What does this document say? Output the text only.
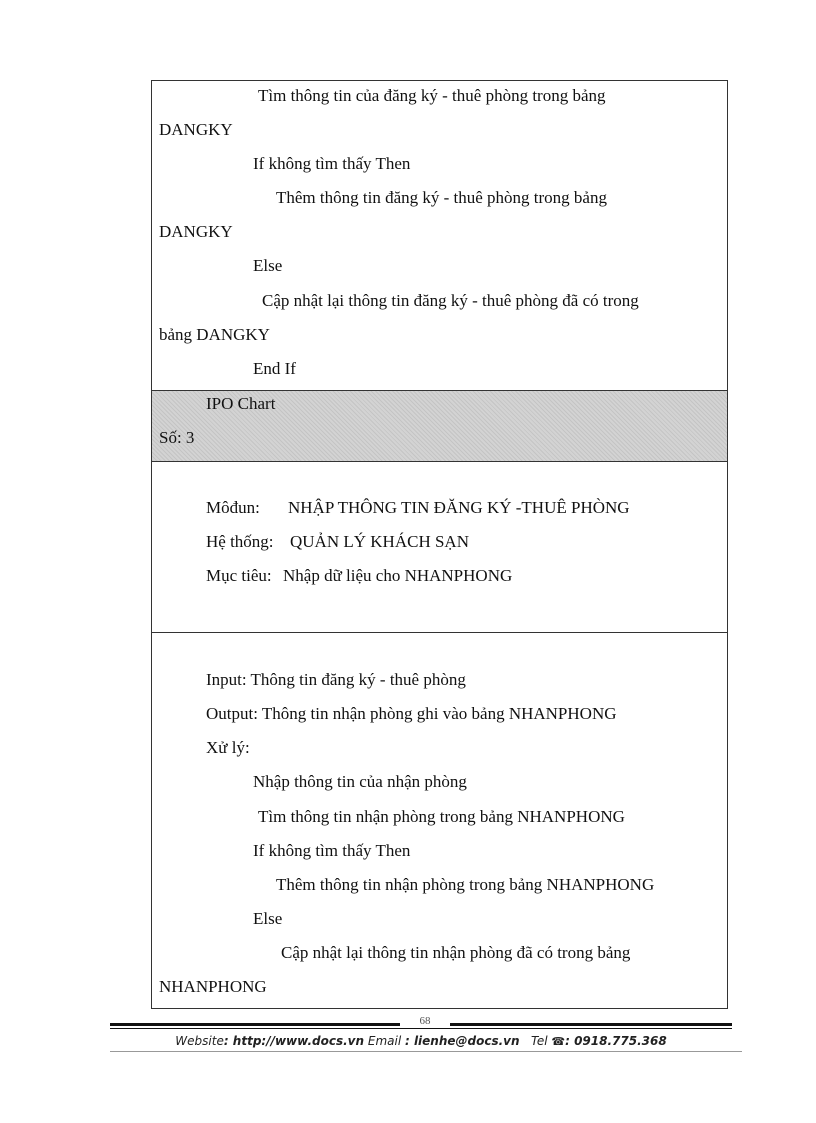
Tìm thông tin của đăng ký - thuê phòng trong bảng
DANGKY
If không tìm thấy Then
Thêm thông tin đăng ký - thuê phòng trong bảng
DANGKY
Else
Cập nhật lại thông tin đăng ký - thuê phòng đã có trong
bảng DANGKY
End If
IPO Chart
Số: 3
Môđun: NHẬP THÔNG TIN ĐĂNG KÝ -THUÊ PHÒNG
Hệ thống: QUẢN LÝ KHÁCH SẠN
Mục tiêu: Nhập dữ liệu cho NHANPHONG
Input: Thông tin đăng ký - thuê phòng
Output: Thông tin nhận phòng ghi vào bảng NHANPHONG
Xử lý:
Nhập thông tin của nhận phòng
Tìm thông tin nhận phòng trong bảng NHANPHONG
If không tìm thấy Then
Thêm thông tin nhận phòng trong bảng NHANPHONG
Else
Cập nhật lại thông tin nhận phòng đã có trong bảng
NHANPHONG
68
Website: http://www.docs.vn Email : lienhe@docs.vn Tel ☎: 0918.775.368
